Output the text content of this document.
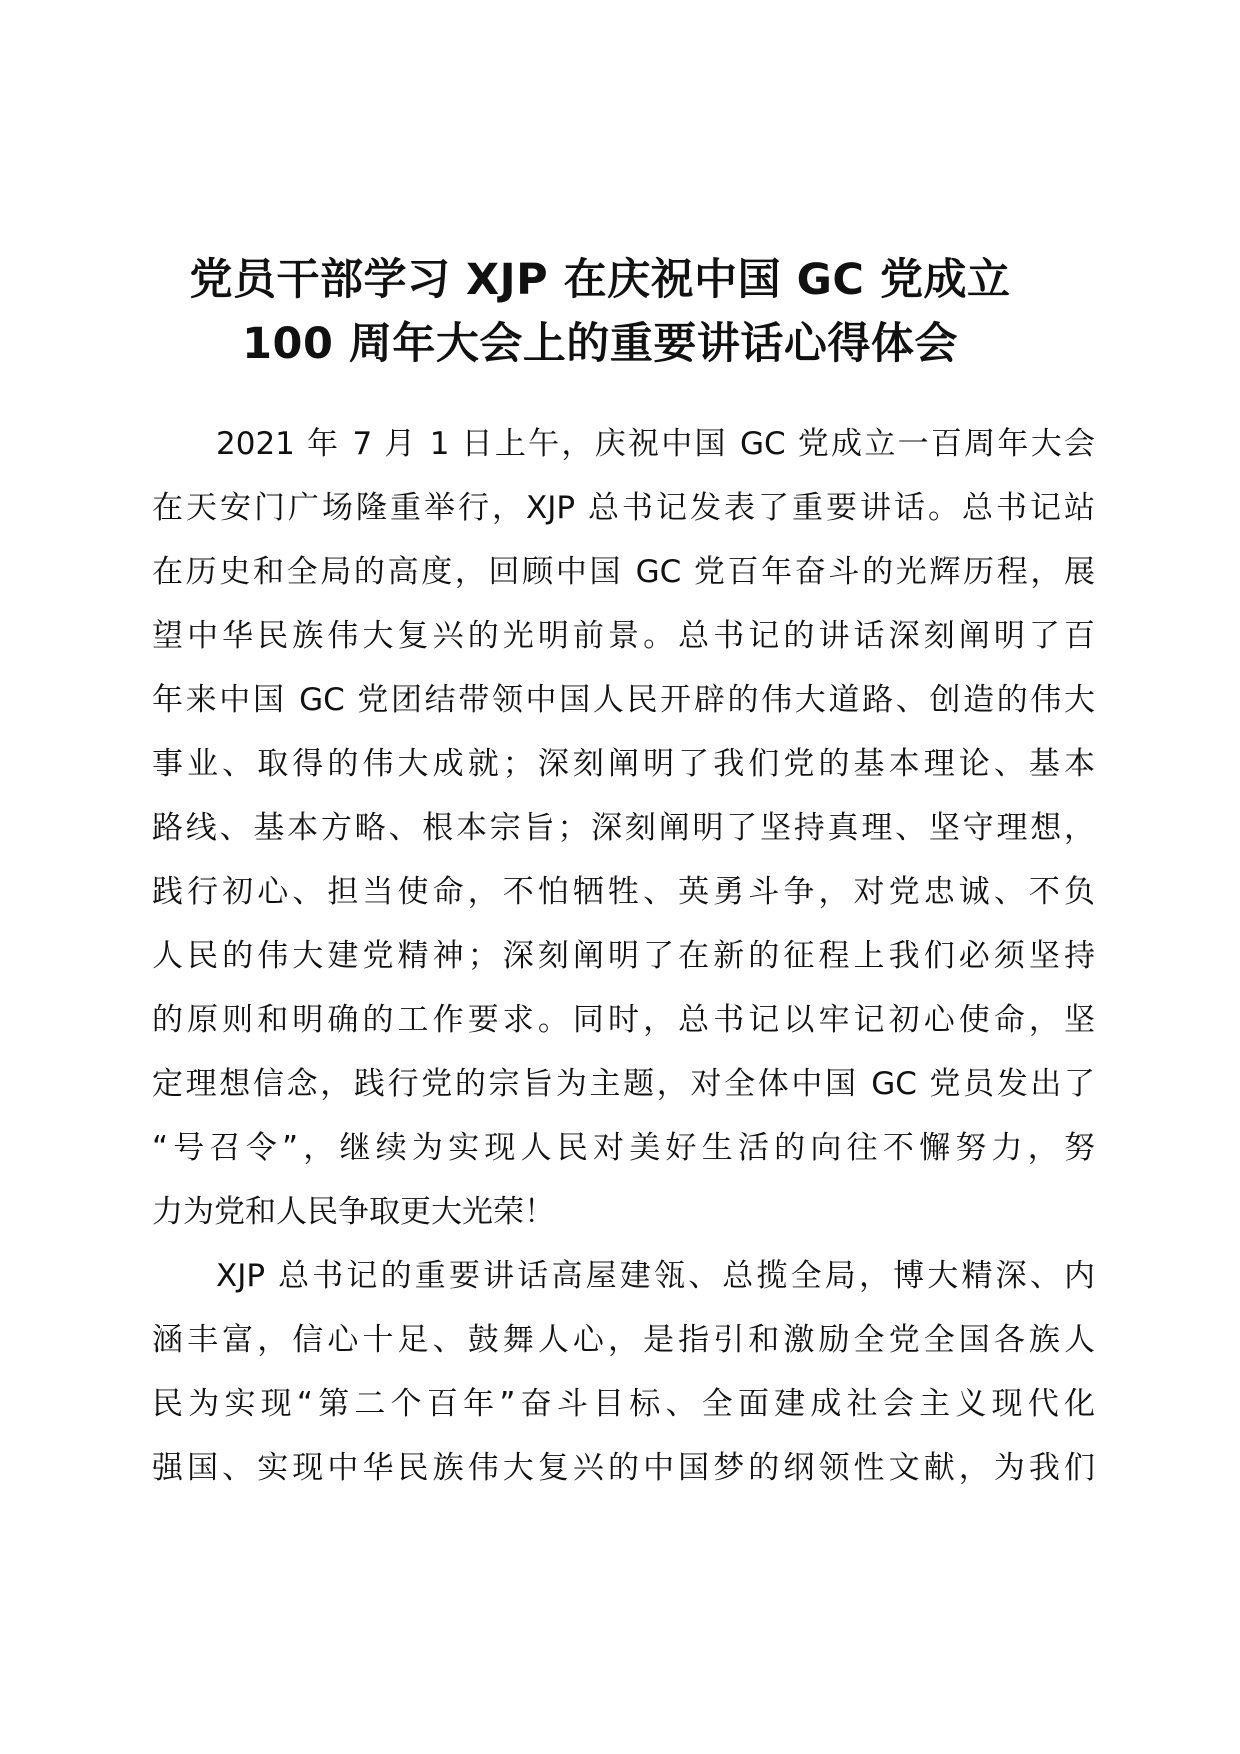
党员干部学习 XJP 在庆祝中国 GC 党成立
100 周年大会上的重要讲话心得体会
2021 年 7 月 1 日上午，庆祝中国 GC 党成立一百周年大会
在天安门广场隆重举行，XJP 总书记发表了重要讲话。总书记站
在历史和全局的高度，回顾中国 GC 党百年奋斗的光辉历程，展
望中华民族伟大复兴的光明前景。总书记的讲话深刻阐明了百
年来中国 GC 党团结带领中国人民开辟的伟大道路、创造的伟大
事业、取得的伟大成就；深刻阐明了我们党的基本理论、基本
路线、基本方略、根本宗旨；深刻阐明了坚持真理、坚守理想，
践行初心、担当使命，不怕牺牲、英勇斗争，对党忠诚、不负
人民的伟大建党精神；深刻阐明了在新的征程上我们必须坚持
的原则和明确的工作要求。同时，总书记以牢记初心使命，坚
定理想信念，践行党的宗旨为主题，对全体中国 GC 党员发出了
“号召令”，继续为实现人民对美好生活的向往不懈努力，努
力为党和人民争取更大光荣！
XJP 总书记的重要讲话高屋建瓴、总揽全局，博大精深、内
涵丰富，信心十足、鼓舞人心，是指引和激励全党全国各族人
民为实现“第二个百年”奋斗目标、全面建成社会主义现代化
强国、实现中华民族伟大复兴的中国梦的纲领性文献，为我们
